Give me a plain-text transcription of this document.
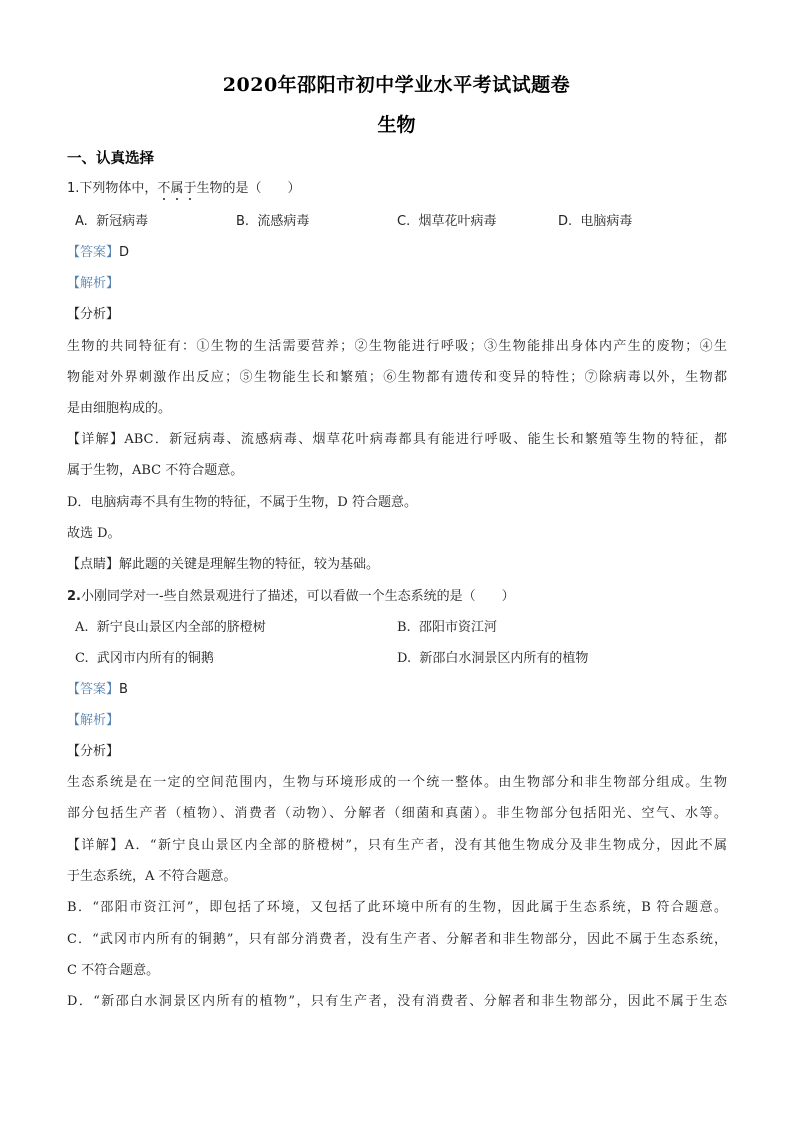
2020年邵阳市初中学业水平考试试题卷
生物
一、认真选择
1.下列物体中，不属于生物的是（　　）
A. 新冠病毒	B. 流感病毒	C. 烟草花叶病毒	D. 电脑病毒
【答案】D
【解析】
【分析】
生物的共同特征有：①生物的生活需要营养；②生物能进行呼吸；③生物能排出身体内产生的废物；④生
物能对外界刺激作出反应；⑤生物能生长和繁殖；⑥生物都有遗传和变异的特性；⑦除病毒以外，生物都
是由细胞构成的。
【详解】ABC．新冠病毒、流感病毒、烟草花叶病毒都具有能进行呼吸、能生长和繁殖等生物的特征，都
属于生物，ABC 不符合题意。
D．电脑病毒不具有生物的特征，不属于生物，D 符合题意。
故选 D。
【点睛】解此题的关键是理解生物的特征，较为基础。
2.小刚同学对一-些自然景观进行了描述，可以看做一个生态系统的是（　　）
A. 新宁良山景区内全部的脐橙树	B. 邵阳市资江河
C. 武冈市内所有的铜鹅	D. 新邵白水洞景区内所有的植物
【答案】B
【解析】
【分析】
生态系统是在一定的空间范围内，生物与环境形成的一个统一整体。由生物部分和非生物部分组成。生物
部分包括生产者（植物）、消费者（动物）、分解者（细菌和真菌）。非生物部分包括阳光、空气、水等。
【详解】A．“新宁良山景区内全部的脐橙树”，只有生产者，没有其他生物成分及非生物成分，因此不属
于生态系统，A 不符合题意。
B．“邵阳市资江河”，即包括了环境，又包括了此环境中所有的生物，因此属于生态系统，B 符合题意。
C．“武冈市内所有的铜鹅”，只有部分消费者，没有生产者、分解者和非生物部分，因此不属于生态系统，
C 不符合题意。
D．“新邵白水洞景区内所有的植物”，只有生产者，没有消费者、分解者和非生物部分，因此不属于生态
